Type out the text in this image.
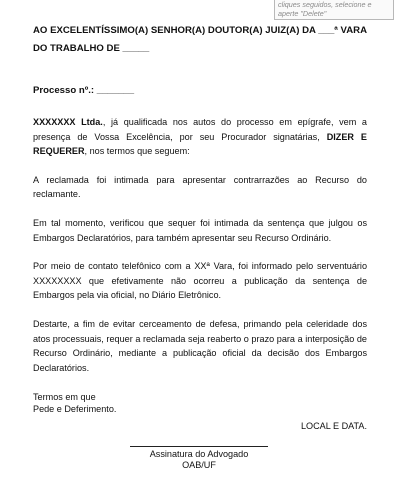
cliques seguidos, selecione e
aperte "Delete"
AO EXCELENTÍSSIMO(A) SENHOR(A) DOUTOR(A) JUIZ(A) DA ___ª VARA DO TRABALHO DE _____
Processo nº.: _______

XXXXXXX Ltda., já qualificada nos autos do processo em epígrafe, vem a presença de Vossa Excelência, por seu Procurador signatárias, DIZER E REQUERER, nos termos que seguem:

A reclamada foi intimada para apresentar contrarrazões ao Recurso do reclamante.

Em tal momento, verificou que sequer foi intimada da sentença que julgou os Embargos Declaratórios, para também apresentar seu Recurso Ordinário.

Por meio de contato telefônico com a XXª Vara, foi informado pelo serventuário XXXXXXXX que efetivamente não ocorreu a publicação da sentença de Embargos pela via oficial, no Diário Eletrônico.

Destarte, a fim de evitar cerceamento de defesa, primando pela celeridade dos atos processuais, requer a reclamada seja reaberto o prazo para a interposição de Recurso Ordinário, mediante a publicação oficial da decisão dos Embargos Declaratórios.

Termos em que
Pede e Deferimento.
LOCAL E DATA.
Assinatura do Advogado
OAB/UF
